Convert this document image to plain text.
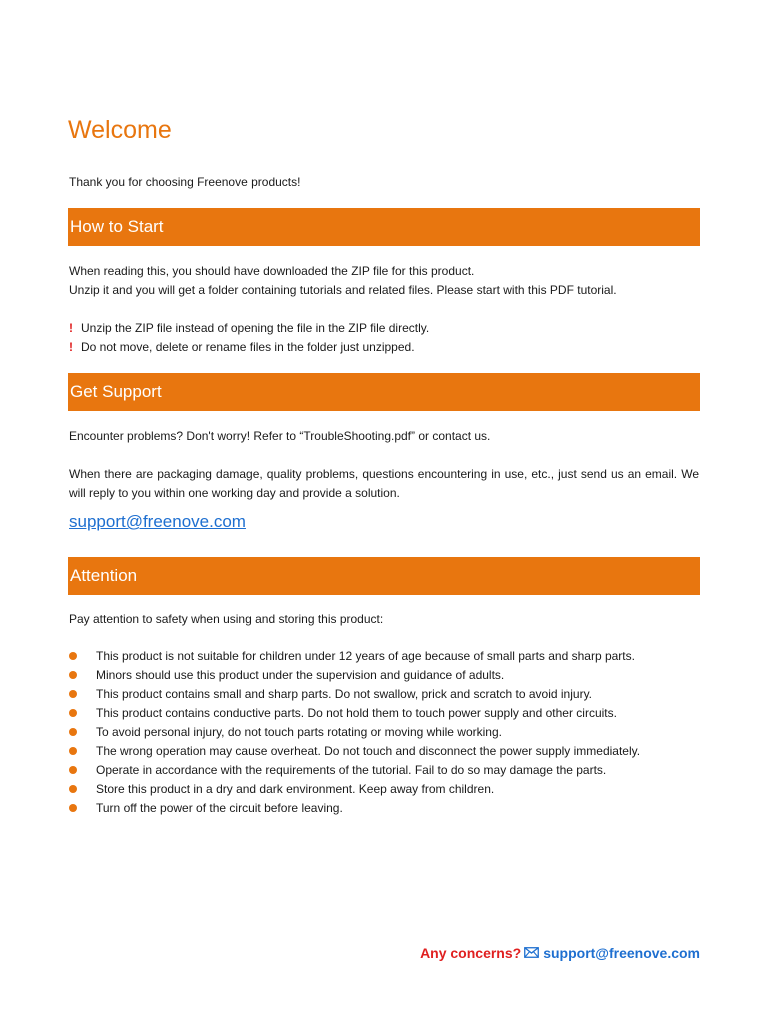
Welcome
Thank you for choosing Freenove products!
How to Start
When reading this, you should have downloaded the ZIP file for this product.
Unzip it and you will get a folder containing tutorials and related files. Please start with this PDF tutorial.
! Unzip the ZIP file instead of opening the file in the ZIP file directly.
! Do not move, delete or rename files in the folder just unzipped.
Get Support
Encounter problems? Don't worry! Refer to “TroubleShooting.pdf” or contact us.
When there are packaging damage, quality problems, questions encountering in use, etc., just send us an email. We will reply to you within one working day and provide a solution.
support@freenove.com
Attention
Pay attention to safety when using and storing this product:
This product is not suitable for children under 12 years of age because of small parts and sharp parts.
Minors should use this product under the supervision and guidance of adults.
This product contains small and sharp parts. Do not swallow, prick and scratch to avoid injury.
This product contains conductive parts. Do not hold them to touch power supply and other circuits.
To avoid personal injury, do not touch parts rotating or moving while working.
The wrong operation may cause overheat. Do not touch and disconnect the power supply immediately.
Operate in accordance with the requirements of the tutorial. Fail to do so may damage the parts.
Store this product in a dry and dark environment. Keep away from children.
Turn off the power of the circuit before leaving.
Any concerns? support@freenove.com
